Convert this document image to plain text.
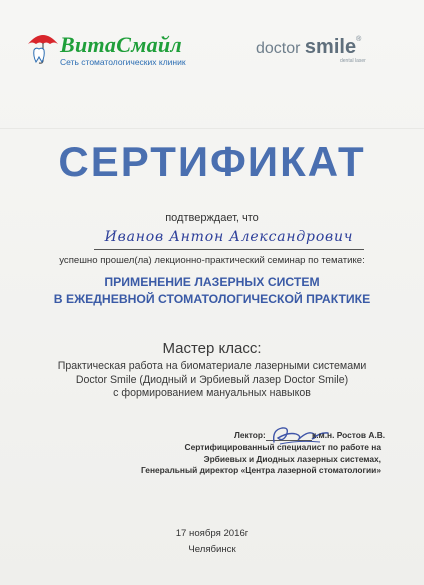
ВитаСмайл
Сеть стоматологических клиник
doctor smile®
dental laser
СЕРТИФИКАТ
подтверждает, что
Иванов Антон Александрович
успешно прошел(ла) лекционно-практический семинар по тематике:
ПРИМЕНЕНИЕ ЛАЗЕРНЫХ СИСТЕМ
В ЕЖЕДНЕВНОЙ СТОМАТОЛОГИЧЕСКОЙ ПРАКТИКЕ
Мастер класс:
Практическая работа на биоматериале лазерными системами
Doctor Smile (Диодный и Эрбиевый лазер Doctor Smile)
с формированием мануальных навыков
Лектор:	к.м.н. Ростов А.В.
Сертифицированный специалист по работе на
Эрбиевых и Диодных лазерных системах,
Генеральный директор «Центра лазерной стоматологии»
17 ноября 2016г
Челябинск
